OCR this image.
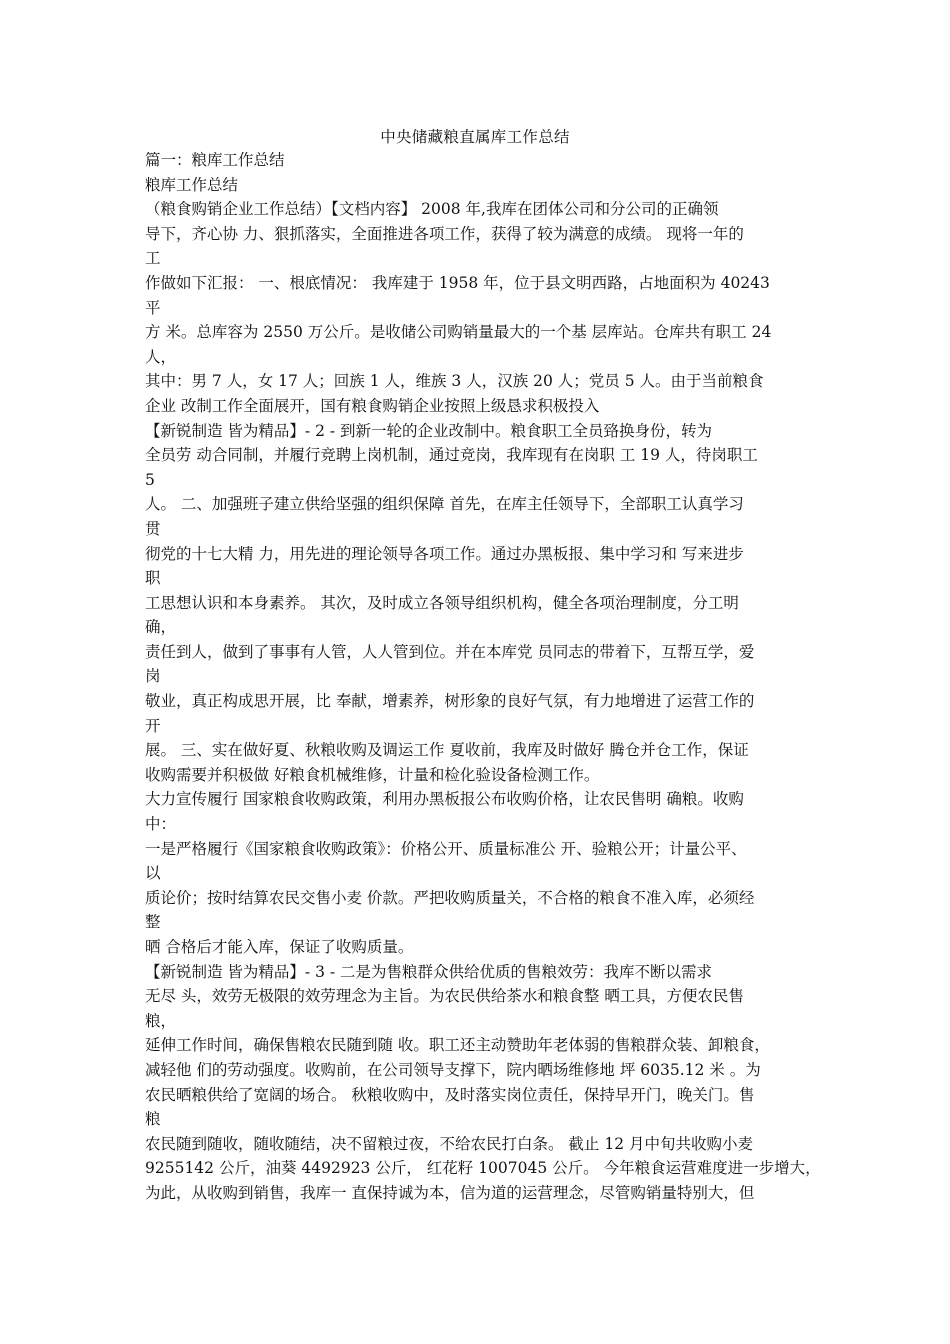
中央储藏粮直属库工作总结
篇一：粮库工作总结
粮库工作总结
（粮食购销企业工作总结）【文档内容】 2008 年,我库在团体公司和分公司的正确领
导下，齐心协 力、狠抓落实，全面推进各项工作，获得了较为满意的成绩。 现将一年的
工
作做如下汇报： 一、根底情况： 我库建于 1958 年，位于县文明西路，占地面积为 40243
平
方 米。总库容为 2550 万公斤。是收储公司购销量最大的一个基 层库站。仓库共有职工 24
人，
其中：男 7 人，女 17 人；回族 1 人，维族 3 人，汉族 20 人；党员 5 人。由于当前粮食
企业 改制工作全面展开，国有粮食购销企业按照上级恳求积极投入
【新锐制造 皆为精品】- 2 - 到新一轮的企业改制中。粮食职工全员臵换身份，转为
全员劳 动合同制，并履行竞聘上岗机制，通过竞岗，我库现有在岗职 工 19 人，待岗职工
5
人。 二、加强班子建立供给坚强的组织保障 首先，在库主任领导下，全部职工认真学习
贯
彻党的十七大精 力，用先进的理论领导各项工作。通过办黑板报、集中学习和 写来进步
职
工思想认识和本身素养。 其次，及时成立各领导组织机构，健全各项治理制度，分工明
确，
责任到人，做到了事事有人管，人人管到位。并在本库党 员同志的带着下，互帮互学，爱
岗
敬业，真正构成思开展，比 奉献，增素养，树形象的良好气氛，有力地增进了运营工作的
开
展。 三、实在做好夏、秋粮收购及调运工作 夏收前，我库及时做好 腾仓并仓工作，保证
收购需要并积极做 好粮食机械维修，计量和检化验设备检测工作。
大力宣传履行 国家粮食收购政策，利用办黑板报公布收购价格，让农民售明 确粮。收购
中：
一是严格履行《国家粮食收购政策》：价格公开、质量标准公 开、验粮公开；计量公平、
以
质论价；按时结算农民交售小麦 价款。严把收购质量关，不合格的粮食不准入库，必须经
整
晒 合格后才能入库，保证了收购质量。
【新锐制造 皆为精品】- 3 - 二是为售粮群众供给优质的售粮效劳：我库不断以需求
无尽 头，效劳无极限的效劳理念为主旨。为农民供给茶水和粮食整 晒工具，方便农民售
粮，
延伸工作时间，确保售粮农民随到随 收。职工还主动赞助年老体弱的售粮群众装、卸粮食，
减轻他 们的劳动强度。收购前，在公司领导支撑下，院内晒场维修地 坪 6035.12 米 。为
农民晒粮供给了宽阔的场合。 秋粮收购中，及时落实岗位责任，保持早开门，晚关门。售
粮
农民随到随收，随收随结，决不留粮过夜，不给农民打白条。 截止 12 月中旬共收购小麦
9255142 公斤，油葵 4492923 公斤， 红花籽 1007045 公斤。 今年粮食运营难度进一步增大，
为此，从收购到销售，我库一 直保持诚为本，信为道的运营理念，尽管购销量特别大，但
